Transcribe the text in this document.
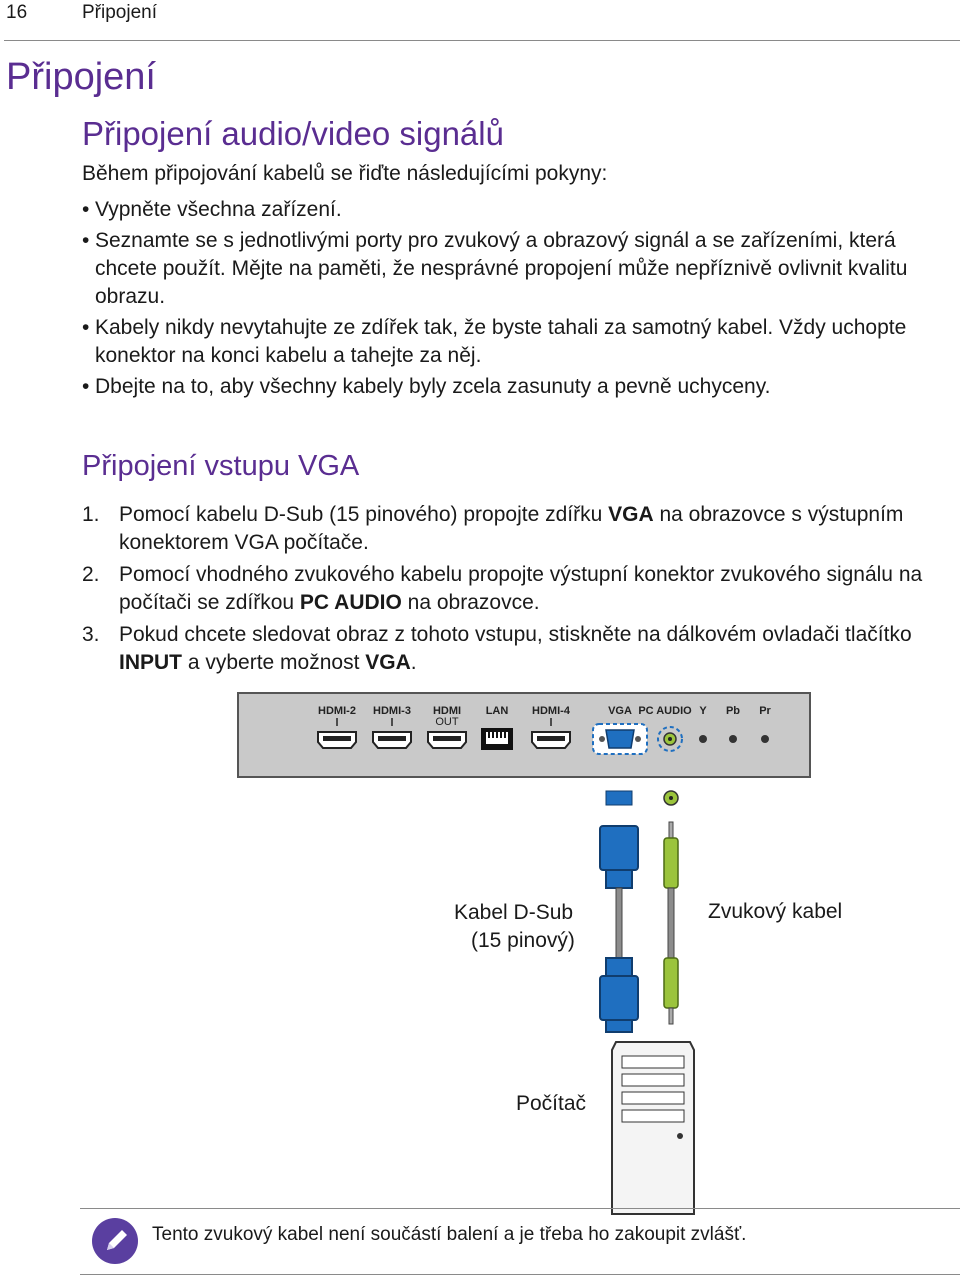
16	Připojení
Připojení
Připojení audio/video signálů
Během připojování kabelů se řiďte následujícími pokyny:
• Vypněte všechna zařízení.
• Seznamte se s jednotlivými porty pro zvukový a obrazový signál a se zařízeními, která chcete použít. Mějte na paměti, že nesprávné propojení může nepříznivě ovlivnit kvalitu obrazu.
• Kabely nikdy nevytahujte ze zdířek tak, že byste tahali za samotný kabel. Vždy uchopte konektor na konci kabelu a tahejte za něj.
• Dbejte na to, aby všechny kabely byly zcela zasunuty a pevně uchyceny.
Připojení vstupu VGA
1. Pomocí kabelu D-Sub (15 pinového) propojte zdířku VGA na obrazovce s výstupním konektorem VGA počítače.
2. Pomocí vhodného zvukového kabelu propojte výstupní konektor zvukového signálu na počítači se zdířkou PC AUDIO na obrazovce.
3. Pokud chcete sledovat obraz z tohoto vstupu, stiskněte na dálkovém ovladači tlačítko INPUT a vyberte možnost VGA.
HDMI-2 HDMI-3 HDMI
OUT
LAN HDMI-4	VGA PC AUDIO Y Pb Pr
Kabel D-Sub
(15 pinový)
Zvukový kabel
Počítač
Tento zvukový kabel není součástí balení a je třeba ho zakoupit zvlášť.
